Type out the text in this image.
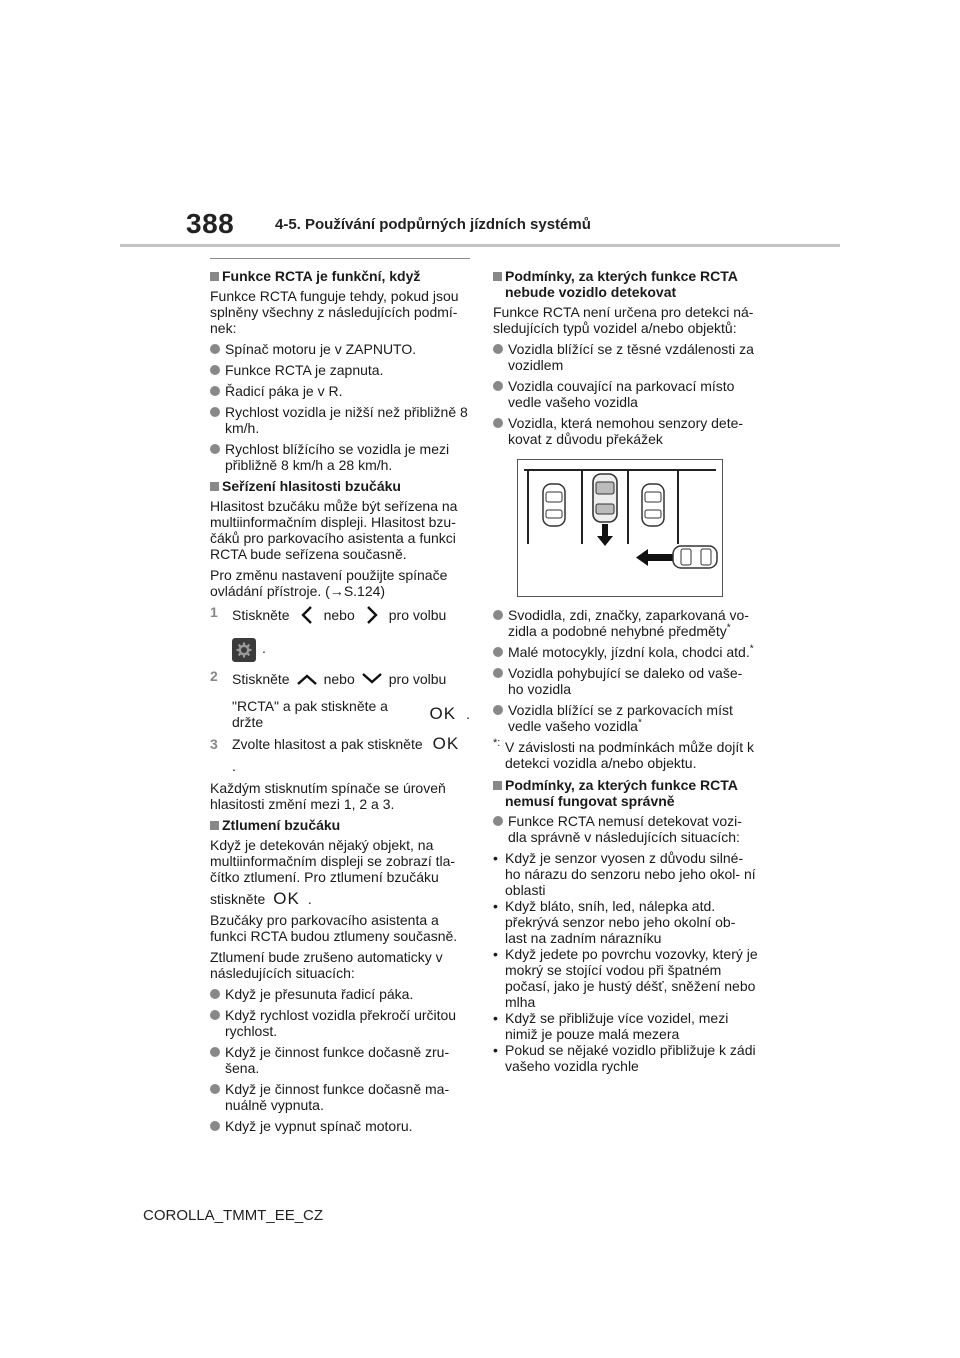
388	4-5. Používání podpůrných jízdních systémů
Funkce RCTA je funkční, když
Funkce RCTA funguje tehdy, pokud jsou splněny všechny z následujících podmí- nek:
Spínač motoru je v ZAPNUTO.
Funkce RCTA je zapnuta.
Řadicí páka je v R.
Rychlost vozidla je nižší než přibližně 8 km/h.
Rychlost blížícího se vozidla je mezi přibližně 8 km/h a 28 km/h.
Seřízení hlasitosti bzučáku
Hlasitost bzučáku může být seřízena na multiinformačním displeji. Hlasitost bzu- čáků pro parkovacího asistenta a funkci RCTA bude seřízena současně.
Pro změnu nastavení použijte spínače ovládání přístroje. (→S.124)
1 Stiskněte nebo pro volbu
.
2 Stiskněte nebo pro volbu
"RCTA" a pak stiskněte a držte	OK .
3 Zvolte hlasitost a pak stiskněte OK
.
Každým stisknutím spínače se úroveň hlasitosti změní mezi 1, 2 a 3.
Ztlumení bzučáku
Když je detekován nějaký objekt, na multiinformačním displeji se zobrazí tla- čítko ztlumení. Pro ztlumení bzučáku
stiskněte OK .
Bzučáky pro parkovacího asistenta a funkci RCTA budou ztlumeny současně.
Ztlumení bude zrušeno automaticky v následujících situacích:
Když je přesunuta řadicí páka.
Když rychlost vozidla překročí určitou rychlost.
Když je činnost funkce dočasně zru- šena.
Když je činnost funkce dočasně ma- nuálně vypnuta.
Když je vypnut spínač motoru.
Podmínky, za kterých funkce RCTA nebude vozidlo detekovat
Funkce RCTA není určena pro detekci ná- sledujících typů vozidel a/nebo objektů:
Vozidla blížící se z těsné vzdálenosti za vozidlem
Vozidla couvající na parkovací místo vedle vašeho vozidla
Vozidla, která nemohou senzory dete- kovat z důvodu překážek
Svodidla, zdi, značky, zaparkovaná vo- zidla a podobné nehybné předměty*
Malé motocykly, jízdní kola, chodci atd.*
Vozidla pohybující se daleko od vaše- ho vozidla
Vozidla blížící se z parkovacích míst vedle vašeho vozidla*
*: V závislosti na podmínkách může dojít k detekci vozidla a/nebo objektu.
Podmínky, za kterých funkce RCTA nemusí fungovat správně
Funkce RCTA nemusí detekovat vozi- dla správně v následujících situacích:
• Když je senzor vyosen z důvodu silné- ho nárazu do senzoru nebo jeho okol- ní oblasti
• Když bláto, sníh, led, nálepka atd. překrývá senzor nebo jeho okolní ob- last na zadním nárazníku
• Když jedete po povrchu vozovky, který je mokrý se stojící vodou při špatném počasí, jako je hustý déšť, sněžení nebo mlha
• Když se přibližuje více vozidel, mezi nimiž je pouze malá mezera
• Pokud se nějaké vozidlo přibližuje k zádi vašeho vozidla rychle
COROLLA_TMMT_EE_CZ
